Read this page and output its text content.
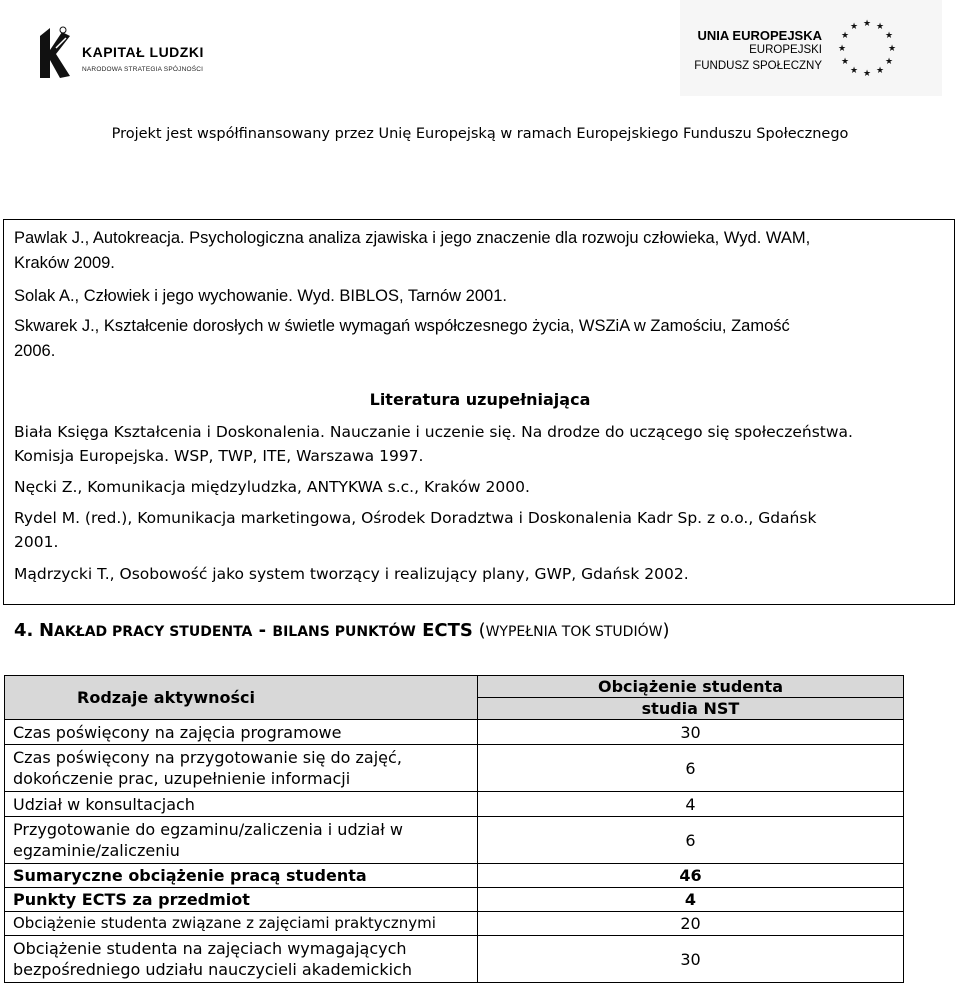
KAPITAŁ LUDZKI
NARODOWA STRATEGIA SPÓJNOŚCI
UNIA EUROPEJSKA
EUROPEJSKI
FUNDUSZ SPOŁECZNY
★ ★
★
★
★
★
★
★
★
★
★
★
Projekt jest współfinansowany przez Unię Europejską w ramach Europejskiego Funduszu Społecznego
Pawlak J., Autokreacja. Psychologiczna analiza zjawiska i jego znaczenie dla rozwoju człowieka, Wyd. WAM,
Kraków 2009.
Solak A., Człowiek i jego wychowanie. Wyd. BIBLOS, Tarnów 2001.
Skwarek J., Kształcenie dorosłych w świetle wymagań współczesnego życia, WSZiA w Zamościu, Zamość
2006.
Literatura uzupełniająca
Biała Księga Kształcenia i Doskonalenia. Nauczanie i uczenie się. Na drodze do uczącego się społeczeństwa.
Komisja Europejska. WSP, TWP, ITE, Warszawa 1997.
Nęcki Z., Komunikacja międzyludzka, ANTYKWA s.c., Kraków 2000.
Rydel M. (red.), Komunikacja marketingowa, Ośrodek Doradztwa i Doskonalenia Kadr Sp. z o.o., Gdańsk
2001.
Mądrzycki T., Osobowość jako system tworzący i realizujący plany, GWP, Gdańsk 2002.
4. NAKŁAD PRACY STUDENTA - BILANS PUNKTÓW ECTS (WYPEŁNIA TOK STUDIÓW)
Rodzaje aktywności	Obciążenie studenta
	studia NST
Czas poświęcony na zajęcia programowe	30

Czas poświęcony na przygotowanie się do zajęć,
dokończenie prac, uzupełnienie informacji	6
Udział w konsultacjach	4

Przygotowanie do egzaminu/zaliczenia i udział w
egzaminie/zaliczeniu	6
Sumaryczne obciążenie pracą studenta	46
Punkty ECTS za przedmiot	4
Obciążenie studenta związane z zajęciami praktycznymi	20

Obciążenie studenta na zajęciach wymagających
bezpośredniego udziału nauczycieli akademickich	30
